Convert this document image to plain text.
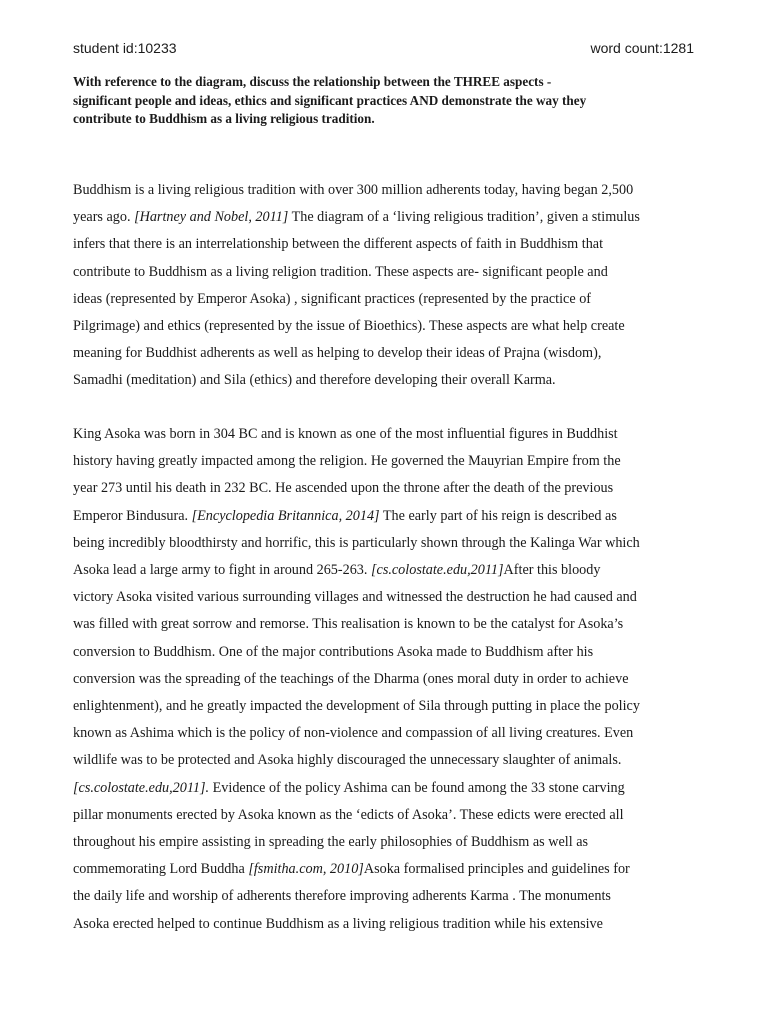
student id:10233	word count:1281
With reference to the diagram, discuss the relationship between the THREE aspects -
significant people and ideas, ethics and significant practices AND demonstrate the way they
contribute to Buddhism as a living religious tradition.
Buddhism is a living religious tradition with over 300 million adherents today, having began 2,500
years ago. [Hartney and Nobel, 2011] The diagram of a ‘living religious tradition’, given a stimulus
infers that there is an interrelationship between the different aspects of faith in Buddhism that
contribute to Buddhism as a living religion tradition. These aspects are- significant people and
ideas (represented by Emperor Asoka) , significant practices (represented by the practice of
Pilgrimage) and ethics (represented by the issue of Bioethics). These aspects are what help create
meaning for Buddhist adherents as well as helping to develop their ideas of Prajna (wisdom),
Samadhi (meditation) and Sila (ethics) and therefore developing their overall Karma.
King Asoka was born in 304 BC and is known as one of the most influential figures in Buddhist
history having greatly impacted among the religion. He governed the Mauyrian Empire from the
year 273 until his death in 232 BC. He ascended upon the throne after the death of the previous
Emperor Bindusura. [Encyclopedia Britannica, 2014] The early part of his reign is described as
being incredibly bloodthirsty and horrific, this is particularly shown through the Kalinga War which
Asoka lead a large army to fight in around 265-263. [cs.colostate.edu,2011]After this bloody
victory Asoka visited various surrounding villages and witnessed the destruction he had caused and
was filled with great sorrow and remorse. This realisation is known to be the catalyst for Asoka’s
conversion to Buddhism. One of the major contributions Asoka made to Buddhism after his
conversion was the spreading of the teachings of the Dharma (ones moral duty in order to achieve
enlightenment), and he greatly impacted the development of Sila through putting in place the policy
known as Ashima which is the policy of non-violence and compassion of all living creatures. Even
wildlife was to be protected and Asoka highly discouraged the unnecessary slaughter of animals.
[cs.colostate.edu,2011]. Evidence of the policy Ashima can be found among the 33 stone carving
pillar monuments erected by Asoka known as the ‘edicts of Asoka’. These edicts were erected all
throughout his empire assisting in spreading the early philosophies of Buddhism as well as
commemorating Lord Buddha [fsmitha.com, 2010]Asoka formalised principles and guidelines for
the daily life and worship of adherents therefore improving adherents Karma . The monuments
Asoka erected helped to continue Buddhism as a living religious tradition while his extensive
